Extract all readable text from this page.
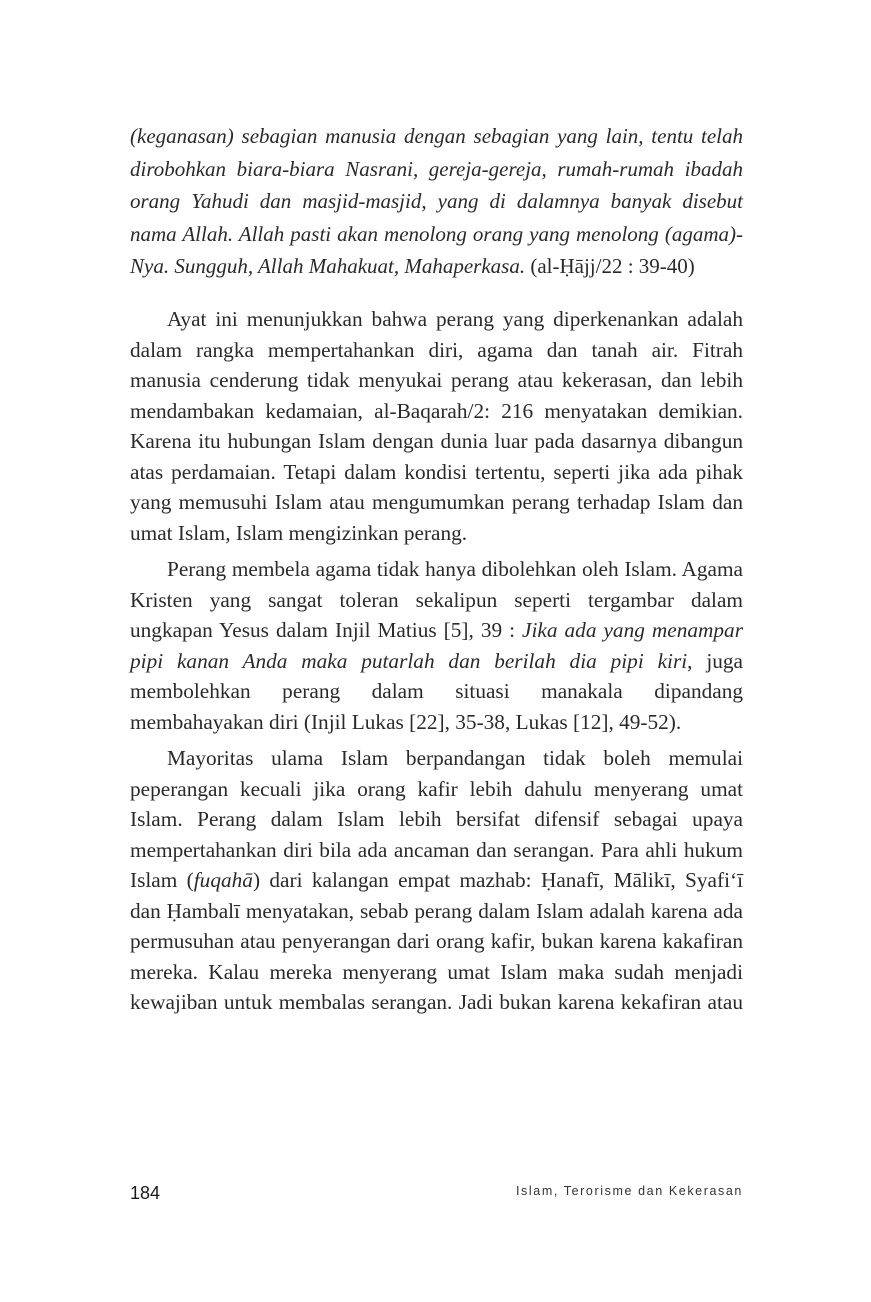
(keganasan) sebagian manusia dengan sebagian yang lain, tentu telah dirobohkan biara-biara Nasrani, gereja-gereja, rumah-rumah ibadah orang Yahudi dan masjid-masjid, yang di dalamnya banyak disebut nama Allah. Allah pasti akan menolong orang yang menolong (agama)-Nya. Sungguh, Allah Mahakuat, Mahaperkasa. (al-Ḥājj/22 : 39-40)

Ayat ini menunjukkan bahwa perang yang diperkenankan adalah dalam rangka mempertahankan diri, agama dan tanah air. Fitrah manusia cenderung tidak menyukai perang atau kekerasan, dan lebih mendambakan kedamaian, al-Baqarah/2: 216 menyatakan demikian. Karena itu hubungan Islam dengan dunia luar pada dasarnya dibangun atas perdamaian. Tetapi dalam kondisi tertentu, seperti jika ada pihak yang memusuhi Islam atau mengumumkan perang terhadap Islam dan umat Islam, Islam mengizinkan perang.

Perang membela agama tidak hanya dibolehkan oleh Islam. Agama Kristen yang sangat toleran sekalipun seperti tergambar dalam ungkapan Yesus dalam Injil Matius [5], 39 : Jika ada yang menampar pipi kanan Anda maka putarlah dan berilah dia pipi kiri, juga membolehkan perang dalam situasi manakala dipandang membahayakan diri (Injil Lukas [22], 35-38, Lukas [12], 49-52).

Mayoritas ulama Islam berpandangan tidak boleh memulai peperangan kecuali jika orang kafir lebih dahulu menyerang umat Islam. Perang dalam Islam lebih bersifat difensif sebagai upaya mempertahankan diri bila ada ancaman dan serangan. Para ahli hukum Islam (fuqahā) dari kalangan empat mazhab: Ḥanafī, Mālikī, Syafi‘ī dan Ḥambalī menyatakan, sebab perang dalam Islam adalah karena ada permusuhan atau penyerangan dari orang kafir, bukan karena kakafiran mereka. Kalau mereka menyerang umat Islam maka sudah menjadi kewajiban untuk membalas serangan. Jadi bukan karena kekafiran atau

184	Islam, Terorisme dan Kekerasan
